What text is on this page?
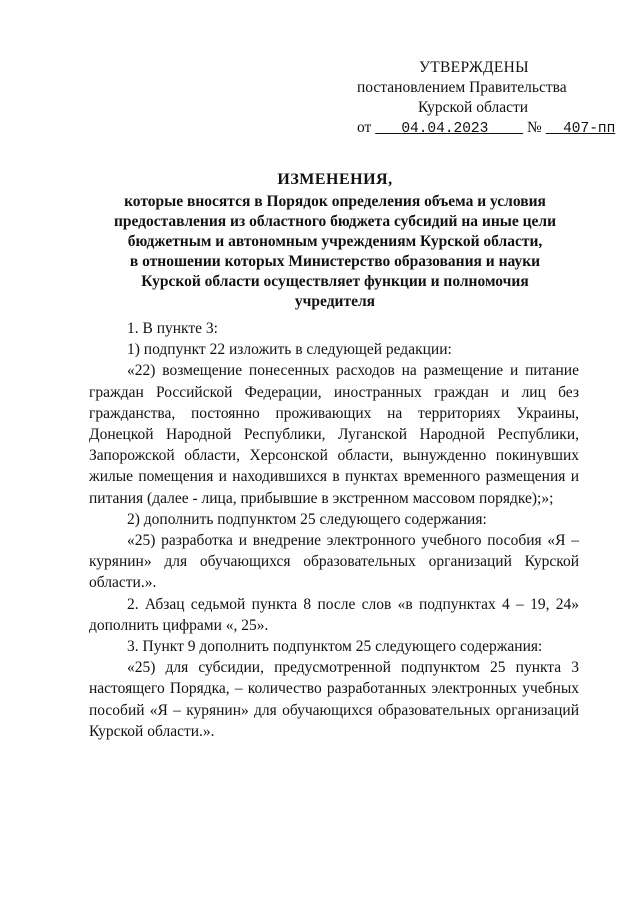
УТВЕРЖДЕНЫ
постановлением Правительства
Курской области
от 04.04.2023 № 407-пп
ИЗМЕНЕНИЯ,
которые вносятся в Порядок определения объема и условия
предоставления из областного бюджета субсидий на иные цели
бюджетным и автономным учреждениям Курской области,
в отношении которых Министерство образования и науки
Курской области осуществляет функции и полномочия
учредителя

1. В пункте 3:

1) подпункт 22 изложить в следующей редакции:

«22) возмещение понесенных расходов на размещение и питание граждан Российской Федерации, иностранных граждан и лиц без гражданства, постоянно проживающих на территориях Украины, Донецкой Народной Республики, Луганской Народной Республики, Запорожской области, Херсонской области, вынужденно покинувших жилые помещения и находившихся в пунктах временного размещения и питания (далее - лица, прибывшие в экстренном массовом порядке);»;

2) дополнить подпунктом 25 следующего содержания:

«25) разработка и внедрение электронного учебного пособия «Я – курянин» для обучающихся образовательных организаций Курской области.».

2. Абзац седьмой пункта 8 после слов «в подпунктах 4 – 19, 24» дополнить цифрами «, 25».

3. Пункт 9 дополнить подпунктом 25 следующего содержания:

«25) для субсидии, предусмотренной подпунктом 25 пункта 3 настоящего Порядка, – количество разработанных электронных учебных пособий «Я – курянин» для обучающихся образовательных организаций Курской области.».
